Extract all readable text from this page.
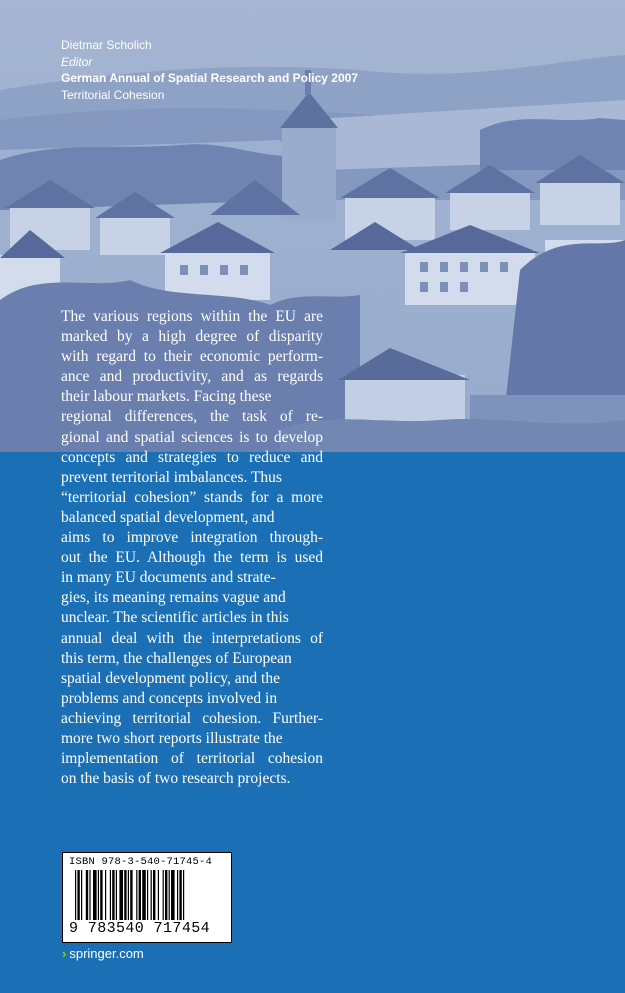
Dietmar Scholich
Editor
German Annual of Spatial Research and Policy 2007
Territorial Cohesion
The various regions within the EU are
marked by a high degree of disparity
with regard to their economic perform-
ance and productivity, and as regards
their labour markets. Facing these
regional differences, the task of re-
gional and spatial sciences is to develop
concepts and strategies to reduce and
prevent territorial imbalances. Thus
“territorial cohesion” stands for a more
balanced spatial development, and
aims to improve integration through-
out the EU. Although the term is used
in many EU documents and strate-
gies, its meaning remains vague and
unclear. The scientific articles in this
annual deal with the interpretations of
this term, the challenges of European
spatial development policy, and the
problems and concepts involved in
achieving territorial cohesion. Further-
more two short reports illustrate the
implementation of territorial cohesion
on the basis of two research projects.
ISBN 978-3-540-71745-4
9 783540 717454
› springer.com
